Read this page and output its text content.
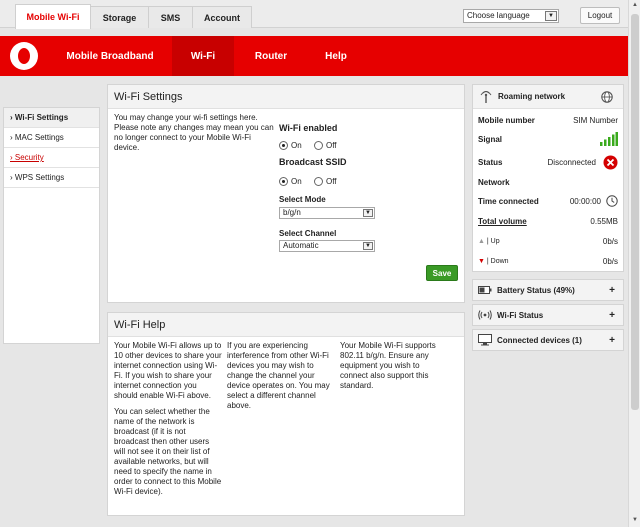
Mobile Wi-Fi	Storage	SMS	Account	Choose language	▼	Logout
Mobile Broadband	Wi-Fi	Router	Help
› Wi-Fi Settings
› MAC Settings
› Security
› WPS Settings
Wi-Fi Settings
You may change your wi-fi settings here. Please note any changes may mean you can no longer connect to your Mobile Wi-Fi device.
Wi-Fi enabled
On	Off
Broadcast SSID
On	Off
Select Mode
b/g/n	▼
Select Channel
Automatic	▼
Save
Wi-Fi Help
Your Mobile Wi-Fi allows up to 10 other devices to share your internet connection using Wi-Fi. If you wish to share your internet connection you should enable Wi-Fi above.
You can select whether the name of the network is broadcast (if it is not broadcast then other users will not see it on their list of available networks, but will need to specify the name in order to connect to this Mobile Wi-Fi device).
If you are experiencing interference from other Wi-Fi devices you may wish to change the channel your device operates on. You may select a different channel above.
Your Mobile Wi-Fi supports 802.11 b/g/n. Ensure any equipment you wish to connect also support this standard.
Roaming network
Mobile number	SIM Number
Signal
Status	Disconnected
Network
Time connected	00:00:00
Total volume	0.55MB
▲ | Up	0b/s
▼ | Down	0b/s
Battery Status (49%)	+
Wi-Fi Status	+
Connected devices (1)	+
▲
▼
